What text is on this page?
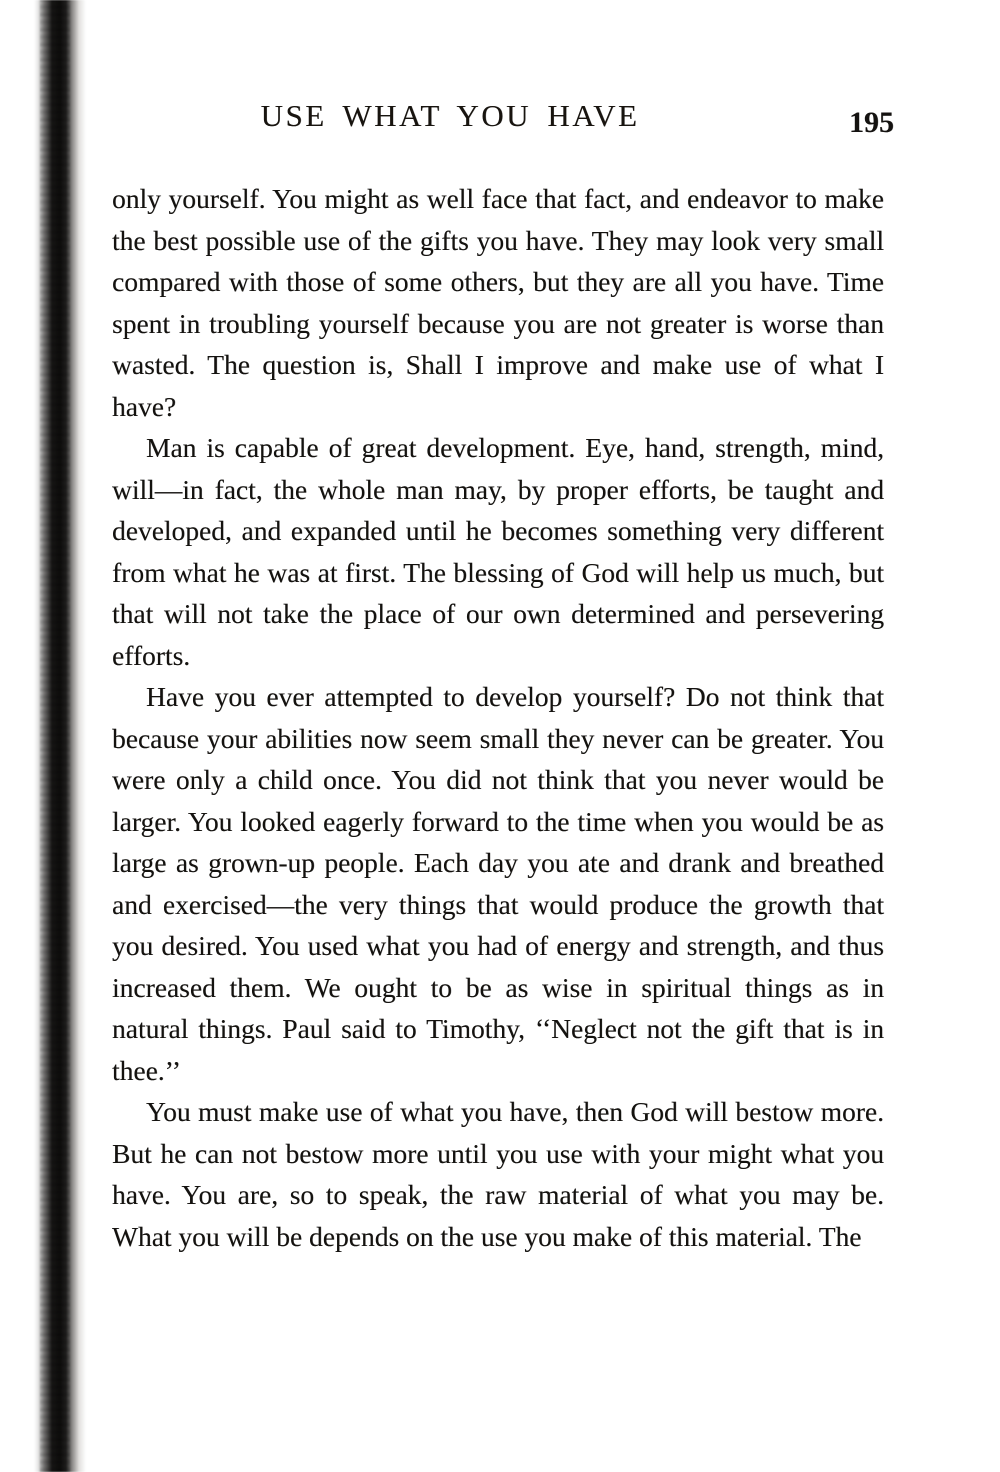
USE WHAT YOU HAVE	195

only yourself. You might as well face that fact, and endeavor to make the best possible use of the gifts you have. They may look very small compared with those of some others, but they are all you have. Time spent in troubling yourself because you are not greater is worse than wasted. The question is, Shall I improve and make use of what I have?

Man is capable of great development. Eye, hand, strength, mind, will—in fact, the whole man may, by proper efforts, be taught and developed, and expanded until he becomes something very different from what he was at first. The blessing of God will help us much, but that will not take the place of our own determined and persevering efforts.

Have you ever attempted to develop yourself? Do not think that because your abilities now seem small they never can be greater. You were only a child once. You did not think that you never would be larger. You looked eagerly forward to the time when you would be as large as grown-up people. Each day you ate and drank and breathed and exercised—the very things that would produce the growth that you desired. You used what you had of energy and strength, and thus increased them. We ought to be as wise in spiritual things as in natural things. Paul said to Timothy, ‘‘Neglect not the gift that is in thee.’’

You must make use of what you have, then God will bestow more. But he can not bestow more until you use with your might what you have. You are, so to speak, the raw material of what you may be. What you will be depends on the use you make of this material. The
